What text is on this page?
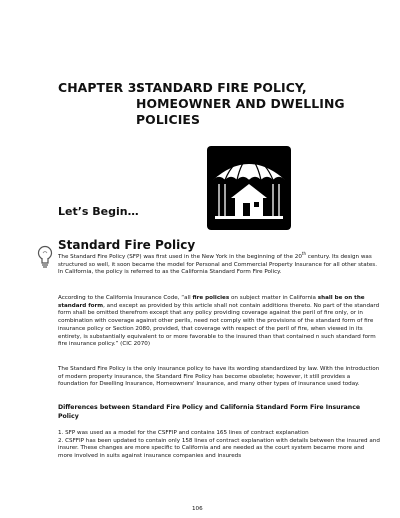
CHAPTER 3:
STANDARD FIRE POLICY,
HOMEOWNER AND DWELLING
POLICIES
Let’s Begin…
Standard Fire Policy
The Standard Fire Policy (SFP) was first used in the New York in the beginning of the 20th century. Its design was structured so well, it soon became the model for Personal and Commercial Property Insurance for all other states. In California, the policy is referred to as the California Standard Form Fire Policy.
According to the California Insurance Code, “all fire policies on subject matter in California shall be on the standard form, and except as provided by this article shall not contain additions thereto. No part of the standard form shall be omitted therefrom except that any policy providing coverage against the peril of fire only, or in combination with coverage against other perils, need not comply with the provisions of the standard form of fire insurance policy or Section 2080, provided, that coverage with respect of the peril of fire, when viewed in its entirety, is substantially equivalent to or more favorable to the insured than that contained n such standard form fire insurance policy.” (CIC 2070)
The Standard Fire Policy is the only insurance policy to have its wording standardized by law. With the introduction of modern property insurance, the Standard Fire Policy has become obsolete; however, it still provides a foundation for Dwelling Insurance, Homeowners' Insurance, and many other types of insurance used today.
Differences between Standard Fire Policy and California Standard Form Fire Insurance Policy
1. SFP was used as a model for the CSFFIP and contains 165 lines of contract explanation
2. CSFFIP has been updated to contain only 158 lines of contract explanation with details between the insured and insurer. These changes are more specific to California and are needed as the court system became more and more involved in suits against insurance companies and insureds
106
